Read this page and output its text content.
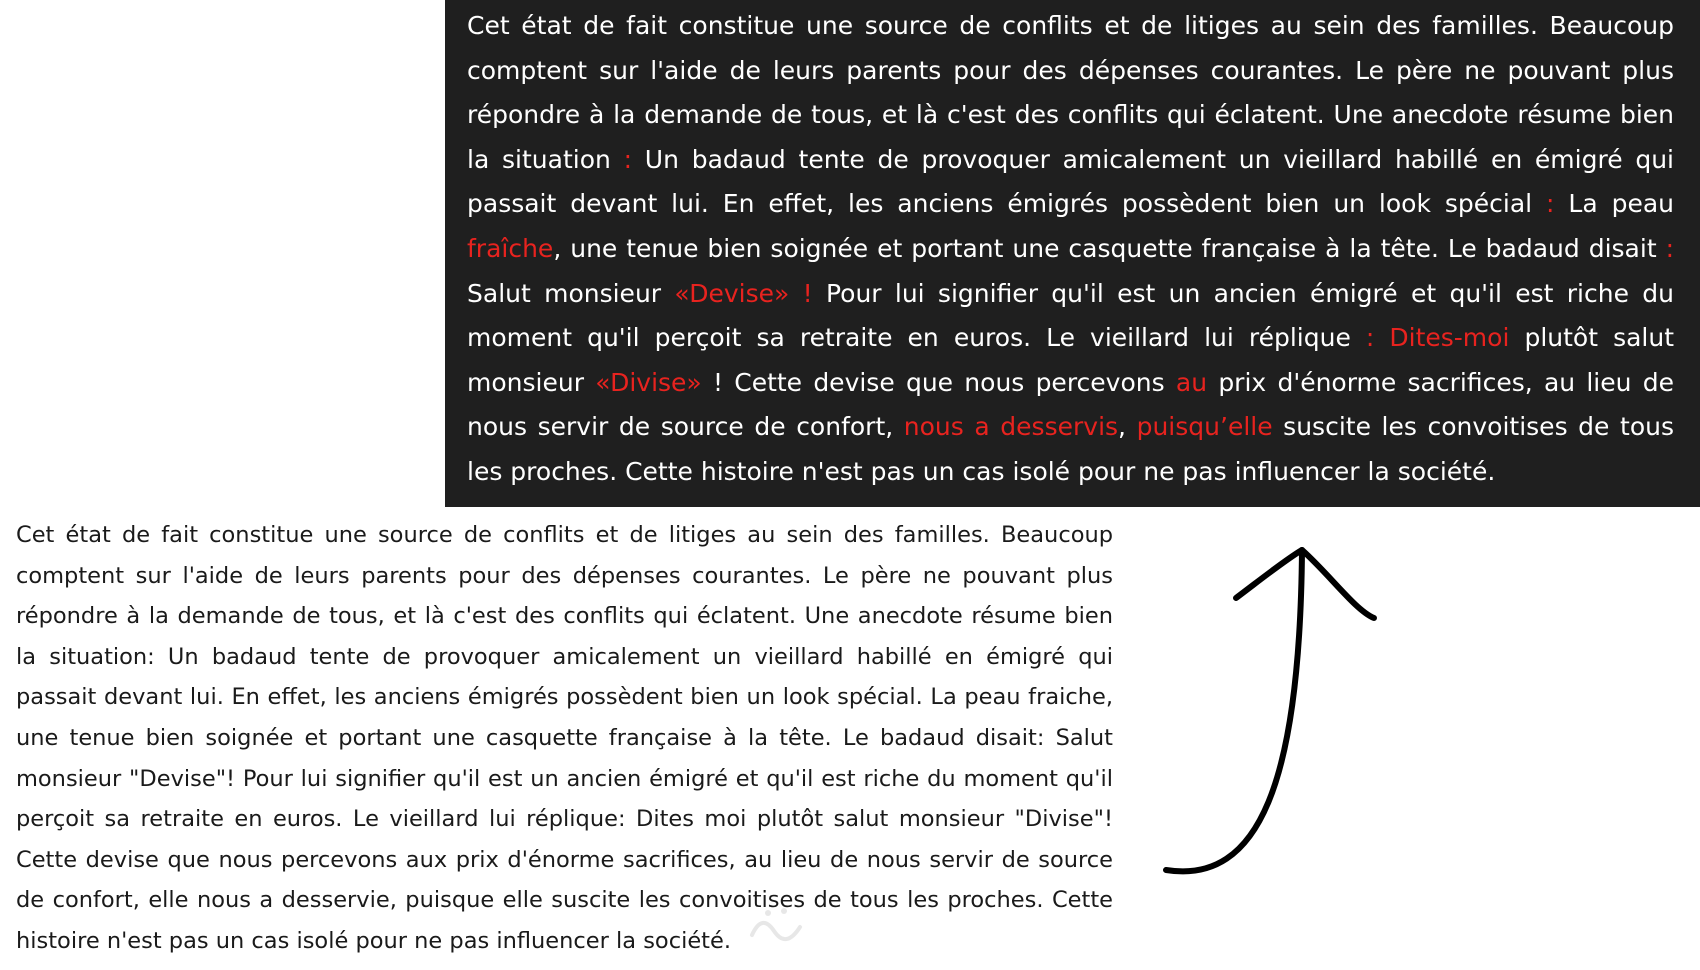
Cet état de fait constitue une source de conflits et de litiges au sein des familles. Beaucoup comptent sur l'aide de leurs parents pour des dépenses courantes. Le père ne pouvant plus répondre à la demande de tous, et là c'est des conflits qui éclatent. Une anecdote résume bien la situation : Un badaud tente de provoquer amicalement un vieillard habillé en émigré qui passait devant lui. En effet, les anciens émigrés possèdent bien un look spécial : La peau fraîche, une tenue bien soignée et portant une casquette française à la tête. Le badaud disait : Salut monsieur «Devise» ! Pour lui signifier qu'il est un ancien émigré et qu'il est riche du moment qu'il perçoit sa retraite en euros. Le vieillard lui réplique : Dites-moi plutôt salut monsieur «Divise» ! Cette devise que nous percevons au prix d'énorme sacrifices, au lieu de nous servir de source de confort, nous a desservis, puisqu’elle suscite les convoitises de tous les proches. Cette histoire n'est pas un cas isolé pour ne pas influencer la société.

Cet état de fait constitue une source de conflits et de litiges au sein des familles. Beaucoup comptent sur l'aide de leurs parents pour des dépenses courantes. Le père ne pouvant plus répondre à la demande de tous, et là c'est des conflits qui éclatent. Une anecdote résume bien la situation: Un badaud tente de provoquer amicalement un vieillard habillé en émigré qui passait devant lui. En effet, les anciens émigrés possèdent bien un look spécial. La peau fraiche, une tenue bien soignée et portant une casquette française à la tête. Le badaud disait: Salut monsieur "Devise"! Pour lui signifier qu'il est un ancien émigré et qu'il est riche du moment qu'il perçoit sa retraite en euros. Le vieillard lui réplique: Dites moi plutôt salut monsieur "Divise"! Cette devise que nous percevons aux prix d'énorme sacrifices, au lieu de nous servir de source de confort, elle nous a desservie, puisque elle suscite les convoitises de tous les proches. Cette histoire n'est pas un cas isolé pour ne pas influencer la société.
